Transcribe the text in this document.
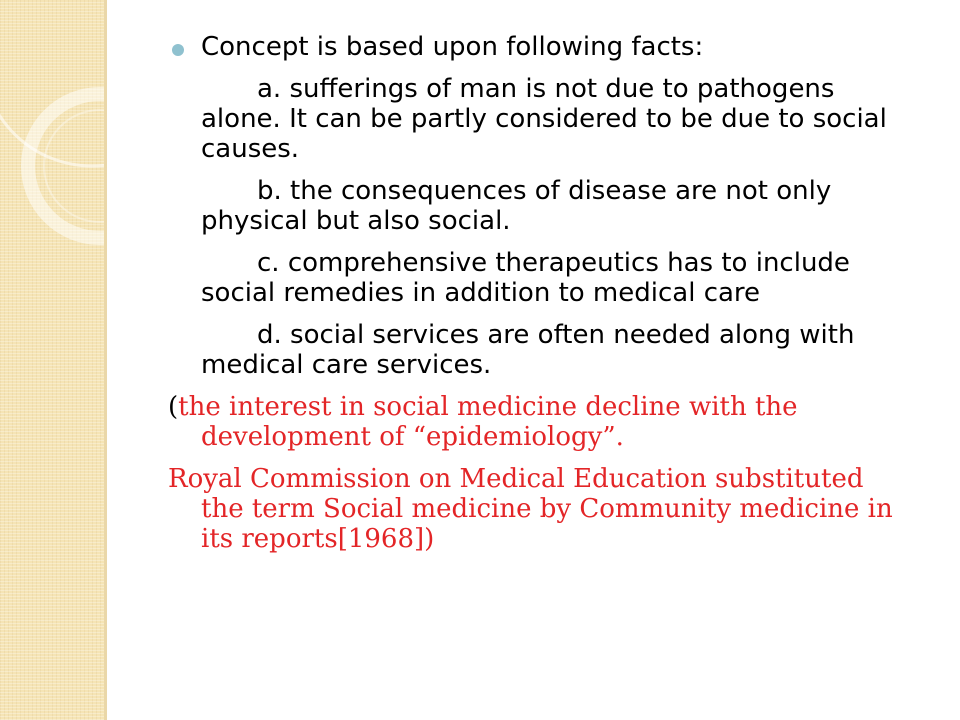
Concept is based upon following facts:

a. sufferings of man is not due to pathogens alone. It can be partly considered to be due to social causes.

b. the consequences of disease are not only physical but also social.

c. comprehensive therapeutics has to include social remedies in addition to medical care

d. social services are often needed along with medical care services.

(the interest in social medicine decline with the development of “epidemiology”.

Royal Commission on Medical Education substituted the term Social medicine by Community medicine in its reports[1968])
